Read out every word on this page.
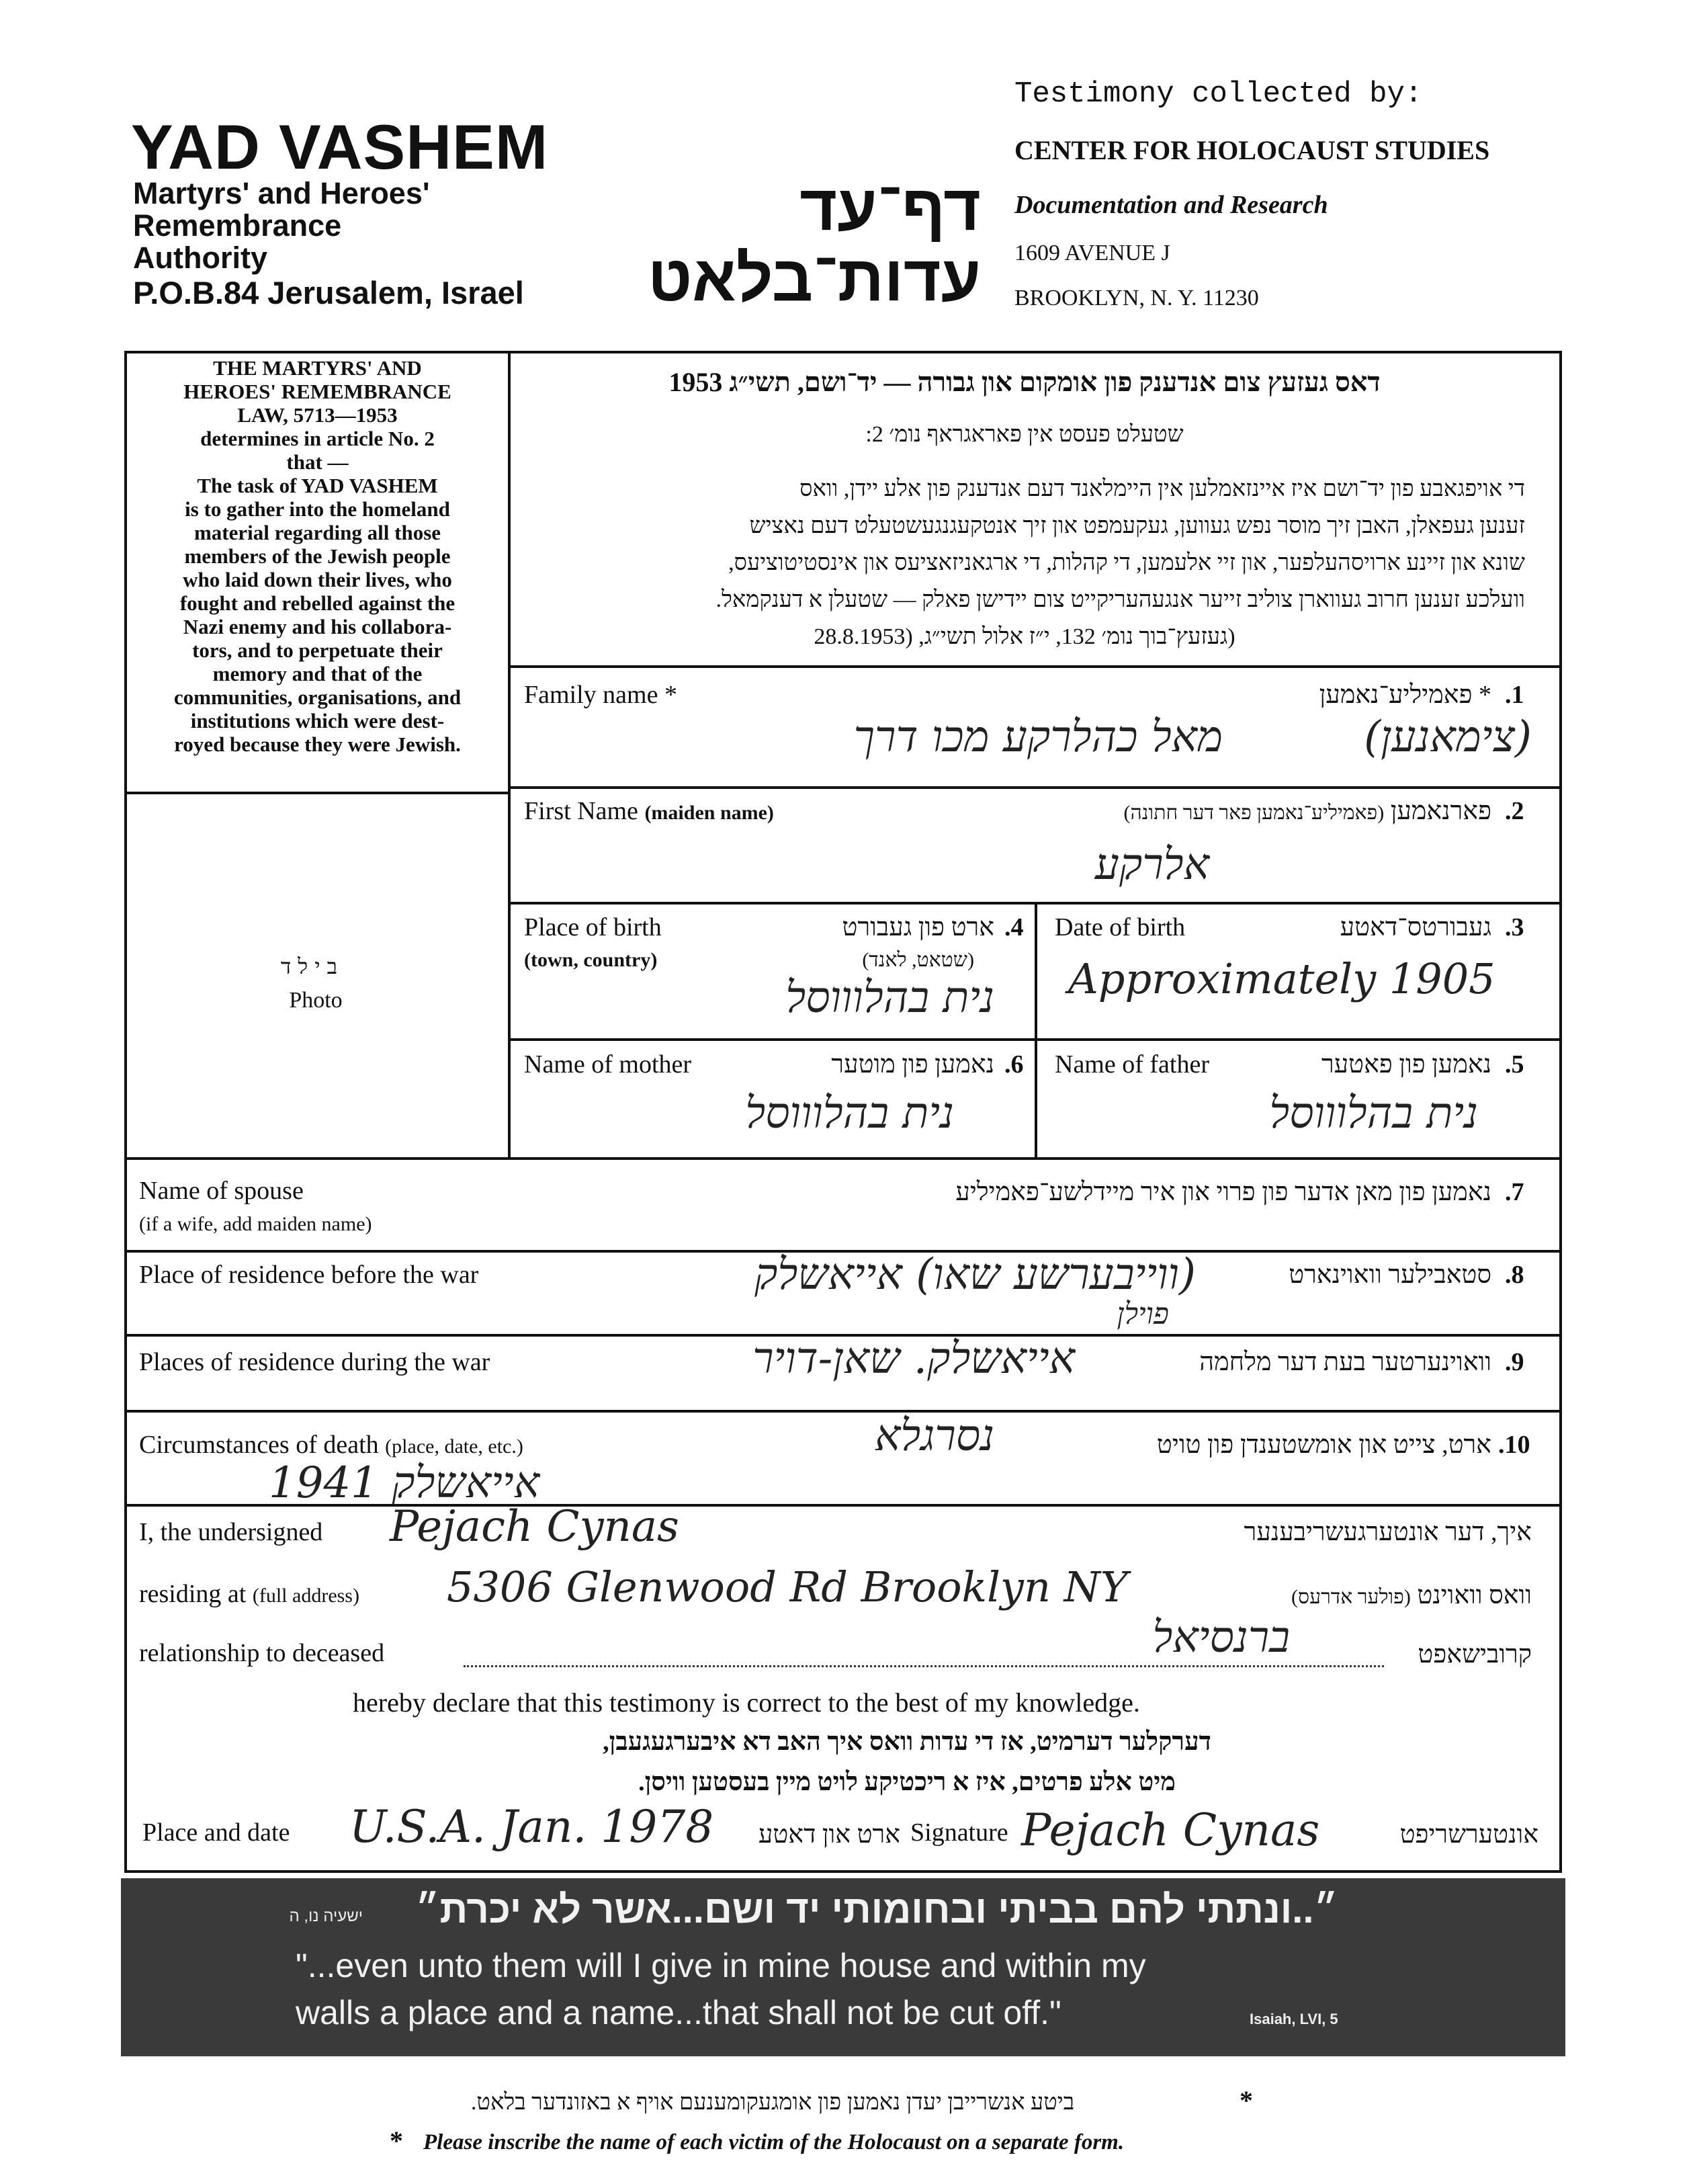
YAD VASHEM
Martyrs' and Heroes'
Remembrance
Authority
P.O.B.84 Jerusalem, Israel
דף־עד
עדות־בלאט
Testimony collected by:
CENTER FOR HOLOCAUST STUDIES
Documentation and Research
1609 AVENUE J
BROOKLYN, N. Y. 11230
THE MARTYRS' AND
HEROES' REMEMBRANCE
LAW, 5713—1953
determines in article No. 2
that —
The task of YAD VASHEM
is to gather into the homeland
material regarding all those
members of the Jewish people
who laid down their lives, who
fought and rebelled against the
Nazi enemy and his collabora-
tors, and to perpetuate their
memory and that of the
communities, organisations, and
institutions which were dest-
royed because they were Jewish.
בילד
Photo
דאס געזעץ צום אנדענק פון אומקום און גבורה — יד־ושם, תשי״ג 1953
שטעלט פעסט אין פאראגראף נומ׳ 2:
די אויפגאבע פון יד־ושם איז איינזאמלען אין היימלאנד דעם אנדענק פון אלע יידן, וואס
זענען געפאלן, האבן זיך מוסר נפש געווען, געקעמפט און זיך אנטקעגנגעשטעלט דעם נאציש
שונא און זיינע ארויסהעלפער, און זיי אלעמען, די קהלות, די ארגאניזאציעס און אינסטיטוציעס,
וועלכע זענען חרוב געווארן צוליב זייער אנגעהעריקייט צום יידישן פאלק — שטעלן א דענקמאל.
(געזעץ־בוך נומ׳ 132, י״ז אלול תשי״ג, (28.8.1953
Family name *	* פאמיליע־נאמען .1
מאל כהלרקע מכו דרך	(צימאנען)
First Name (maiden name)	פארנאמען (פאמיליע־נאמען פאר דער חתונה)	.2
אלרקע
Place of birth
(town, country)
ארט פון געבורט
(שטאט, לאנד)
.4
נית בהלוווסל
Date of birth	געבורטס־דאטע .3
Approximately 1905
Name of mother	נאמען פון מוטער .6
נית בהלוווסל
Name of father	נאמען פון פאטער .5
נית בהלוווסל
Name of spouse
(if a wife, add maiden name)
נאמען פון מאן אדער פון פרוי און איר מיידלשע־פאמיליע .7
Place of residence before the war	סטאבילער וואוינארט .8
(ווייבערשע שאו) אייאשלק
פוילן
Places of residence during the war	וואוינערטער בעת דער מלחמה .9
אייאשלק. שאן-דויר
Circumstances of death (place, date, etc.)	ארט, צייט און אומשטענדן פון טויט .10
נסרגלא
1941 אייאשלק
I, the undersigned Pejach Cynas	איך, דער אונטערגעשריבענער
residing at (full address) 5306 Glenwood Rd Brooklyn NY	וואס וואוינט (פולער אדרעס)
relationship to deceased	ברנסיאל	קרובישאפט
hereby declare that this testimony is correct to the best of my knowledge.
דערקלער דערמיט, אז די עדות וואס איך האב דא איבערגעגעבן,
מיט אלע פרטים, איז א ריכטיקע לויט מיין בעסטען וויסן.
Place and date U.S.A. Jan. 1978	ארט און דאטע Signature Pejach Cynas	אונטערשריפט
״..ונתתי להם בביתי ובחומותי יד ושם...אשר לא יכרת״
ישעיה נו, ה
"...even unto them will I give in mine house and within my
walls a place and a name...that shall not be cut off."	Isaiah, LVI, 5
ביטע אנשרייבן יעדן נאמען פון אומגעקומענעם אויף א באזונדער בלאט.	*
* Please inscribe the name of each victim of the Holocaust on a separate form.
